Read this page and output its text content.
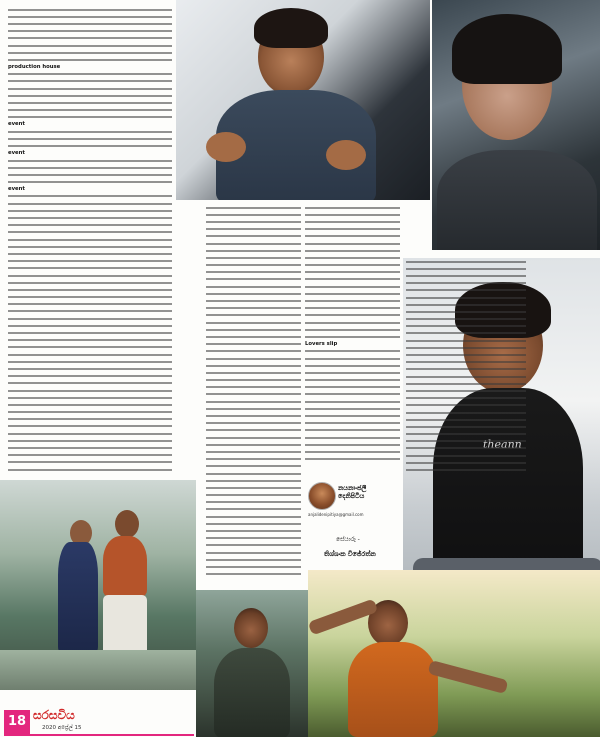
production house
event
event
event
Lovers slip
නයනාංජලී
දෙනිපිටිය
anjalidenipitiya@gmail.com
සේයාරූ -
තිශ්ශංක විජේරත්න
18 සරසවිය
2020 අප්‍රේල් 15
